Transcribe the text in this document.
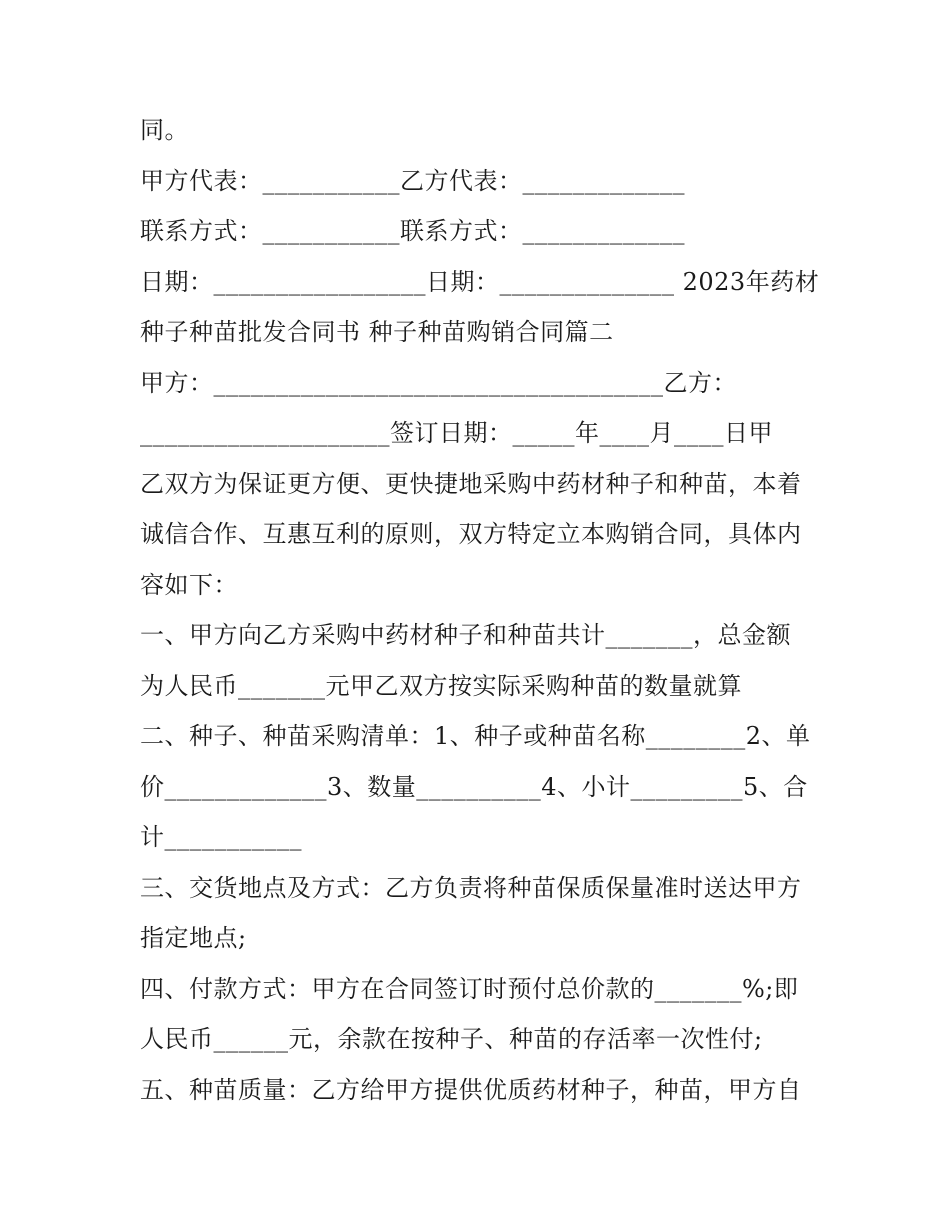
同。
甲方代表：___________乙方代表：_____________
联系方式：___________联系方式：_____________
日期：_________________日期：______________ 2023年药材
种子种苗批发合同书 种子种苗购销合同篇二
甲方：____________________________________乙方：
____________________签订日期：_____年____月____日甲
乙双方为保证更方便、更快捷地采购中药材种子和种苗，本着
诚信合作、互惠互利的原则，双方特定立本购销合同，具体内
容如下：
一、甲方向乙方采购中药材种子和种苗共计_______，总金额
为人民币_______元甲乙双方按实际采购种苗的数量就算
二、种子、种苗采购清单：1、种子或种苗名称________2、单
价_____________3、数量__________4、小计_________5、合
计___________
三、交货地点及方式：乙方负责将种苗保质保量准时送达甲方
指定地点;
四、付款方式：甲方在合同签订时预付总价款的_______%;即
人民币______元，余款在按种子、种苗的存活率一次性付;
五、种苗质量：乙方给甲方提供优质药材种子，种苗，甲方自
